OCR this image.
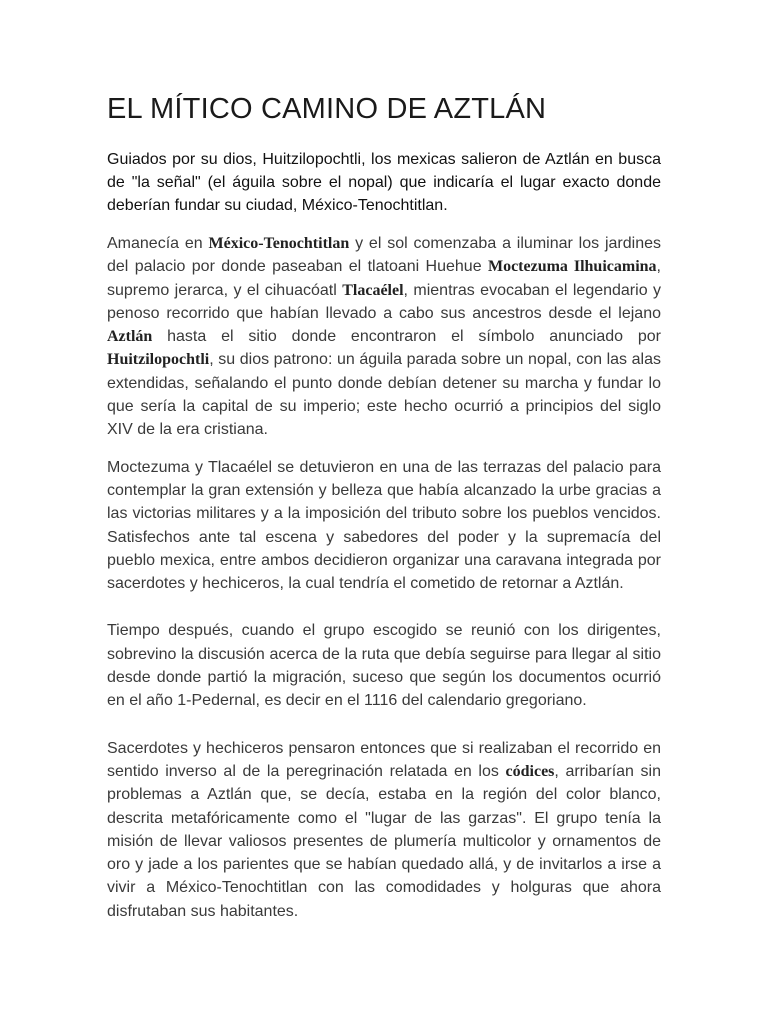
EL MÍTICO CAMINO DE AZTLÁN

Guiados por su dios, Huitzilopochtli, los mexicas salieron de Aztlán en busca de "la señal" (el águila sobre el nopal) que indicaría el lugar exacto donde deberían fundar su ciudad, México-Tenochtitlan.

Amanecía en México-Tenochtitlan y el sol comenzaba a iluminar los jardines del palacio por donde paseaban el tlatoani Huehue Moctezuma Ilhuicamina, supremo jerarca, y el cihuacóatl Tlacaélel, mientras evocaban el legendario y penoso recorrido que habían llevado a cabo sus ancestros desde el lejano Aztlán hasta el sitio donde encontraron el símbolo anunciado por Huitzilopochtli, su dios patrono: un águila parada sobre un nopal, con las alas extendidas, señalando el punto donde debían detener su marcha y fundar lo que sería la capital de su imperio; este hecho ocurrió a principios del siglo XIV de la era cristiana.

Moctezuma y Tlacaélel se detuvieron en una de las terrazas del palacio para contemplar la gran extensión y belleza que había alcanzado la urbe gracias a las victorias militares y a la imposición del tributo sobre los pueblos vencidos. Satisfechos ante tal escena y sabedores del poder y la supremacía del pueblo mexica, entre ambos decidieron organizar una caravana integrada por sacerdotes y hechiceros, la cual tendría el cometido de retornar a Aztlán.

Tiempo después, cuando el grupo escogido se reunió con los dirigentes, sobrevino la discusión acerca de la ruta que debía seguirse para llegar al sitio desde donde partió la migración, suceso que según los documentos ocurrió en el año 1-Pedernal, es decir en el 1116 del calendario gregoriano.

Sacerdotes y hechiceros pensaron entonces que si realizaban el recorrido en sentido inverso al de la peregrinación relatada en los códices, arribarían sin problemas a Aztlán que, se decía, estaba en la región del color blanco, descrita metafóricamente como el "lugar de las garzas". El grupo tenía la misión de llevar valiosos presentes de plumería multicolor y ornamentos de oro y jade a los parientes que se habían quedado allá, y de invitarlos a irse a vivir a México-Tenochtitlan con las comodidades y holguras que ahora disfrutaban sus habitantes.
